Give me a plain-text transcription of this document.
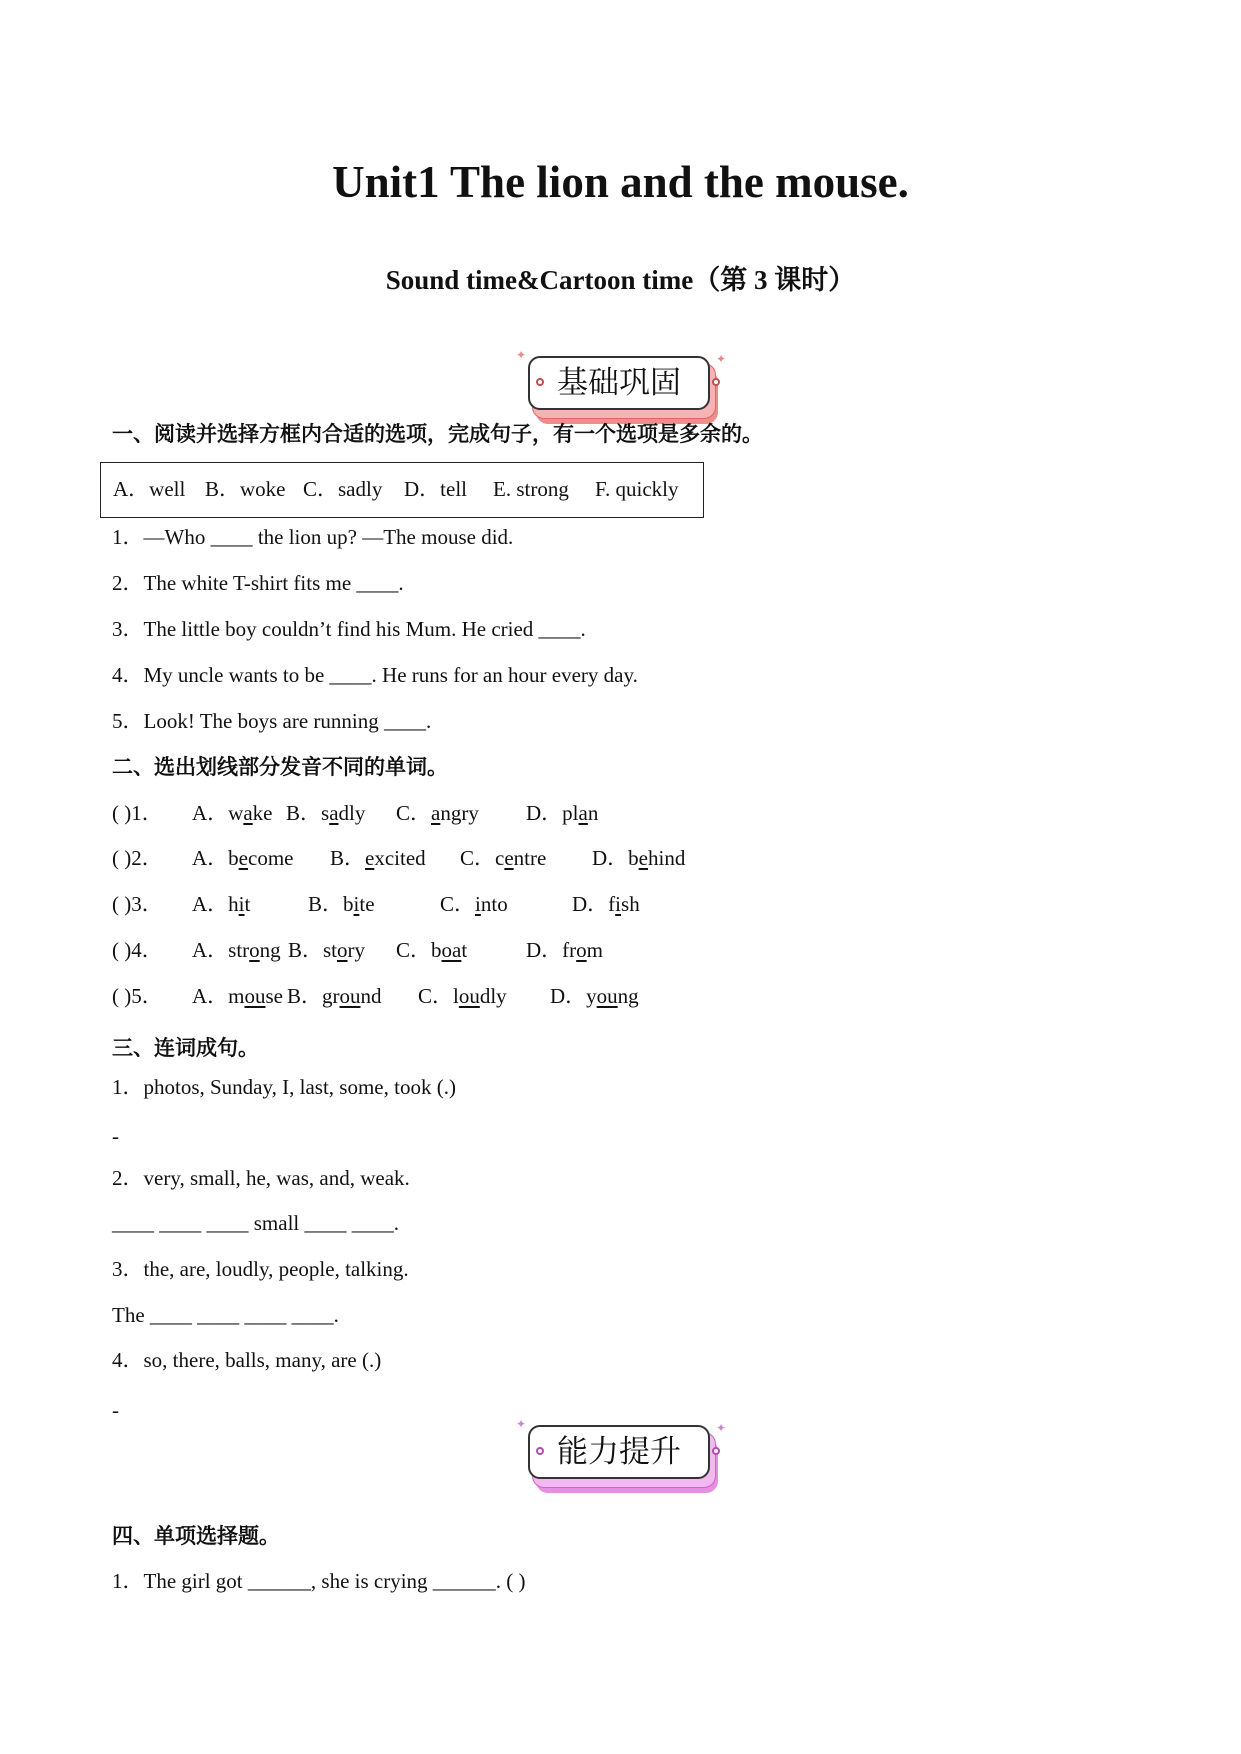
Unit1 The lion and the mouse.
Sound time&Cartoon time（第 3 课时）
基础巩固
✦	✦
一、阅读并选择方框内合适的选项，完成句子，有一个选项是多余的。
A．well B．woke C．sadly D．tell E. strong F. quickly
1．—Who ____ the lion up? —The mouse did.
2．The white T-shirt fits me ____.
3．The little boy couldn’t find his Mum. He cried ____.
4．My uncle wants to be ____. He runs for an hour every day.
5．Look! The boys are running ____.
二、选出划线部分发音不同的单词。
( )1． A．wake B．sadly C．angry D．plan
( )2． A．become B．excited C．centre D．behind
( )3． A．hit	B．bite	C．into	D．fish
( )4． A．strong B．story C．boat	D．from
( )5． A．mouse B．ground C．loudly D．young
三、连词成句。
1．photos, Sunday, I, last, some, took (.)
-
2．very, small, he, was, and, weak.
____ ____ ____ small ____ ____.
3．the, are, loudly, people, talking.
The ____ ____ ____ ____.
4．so, there, balls, many, are (.)
-
能力提升
✦	✦
四、单项选择题。
1．The girl got ______, she is crying ______. ( )
